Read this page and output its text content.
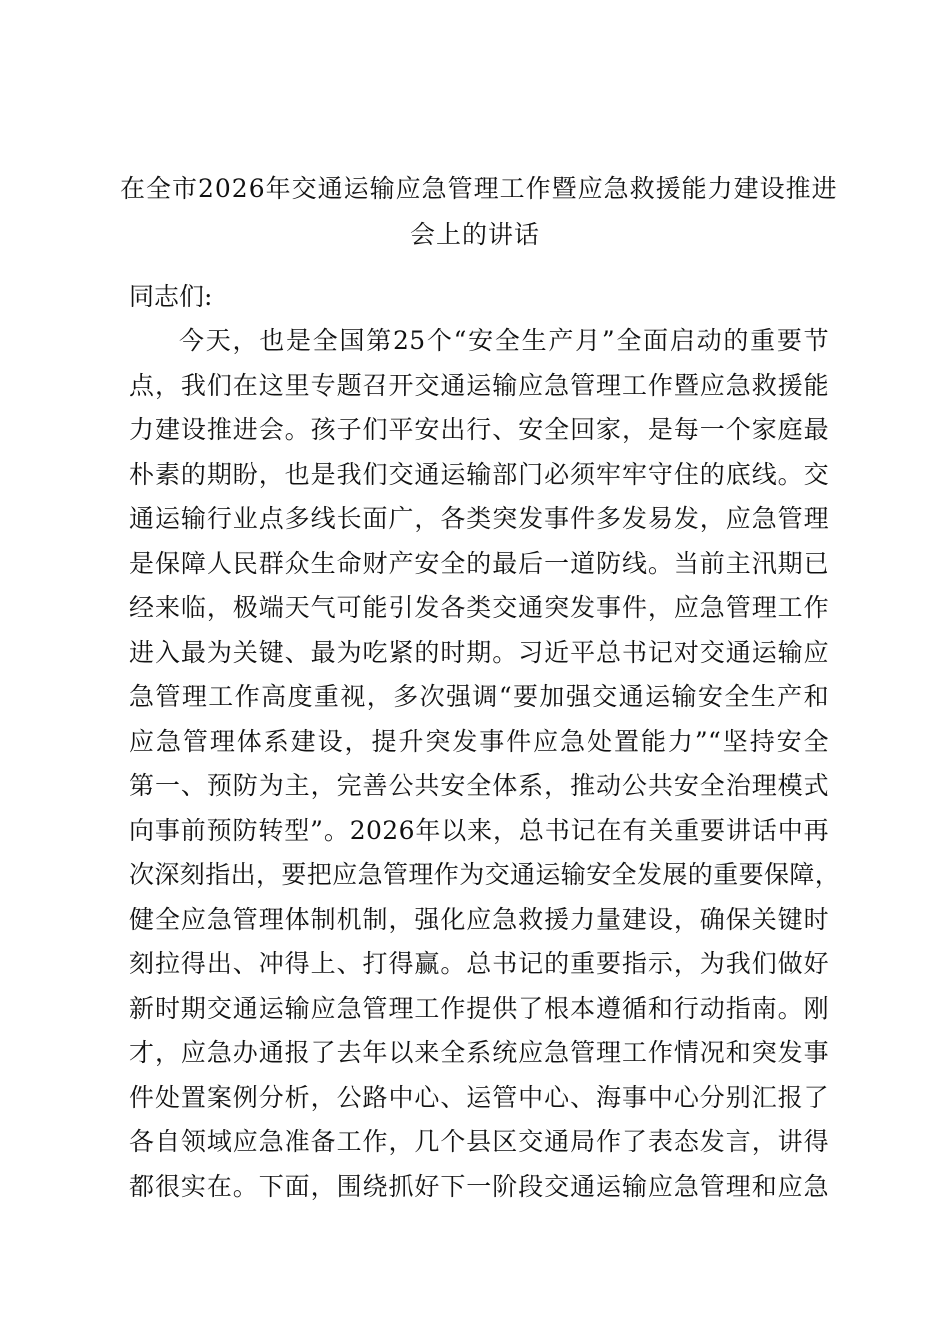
在全市2026年交通运输应急管理工作暨应急救援能力建设推进
会上的讲话

同志们:

今天，也是全国第25个“安全生产月”全面启动的重要节
点，我们在这里专题召开交通运输应急管理工作暨应急救援能
力建设推进会。孩子们平安出行、安全回家，是每一个家庭最
朴素的期盼，也是我们交通运输部门必须牢牢守住的底线。交
通运输行业点多线长面广，各类突发事件多发易发，应急管理
是保障人民群众生命财产安全的最后一道防线。当前主汛期已
经来临，极端天气可能引发各类交通突发事件，应急管理工作
进入最为关键、最为吃紧的时期。习近平总书记对交通运输应
急管理工作高度重视，多次强调“要加强交通运输安全生产和
应急管理体系建设，提升突发事件应急处置能力”“坚持安全
第一、预防为主，完善公共安全体系，推动公共安全治理模式
向事前预防转型”。2026年以来，总书记在有关重要讲话中再
次深刻指出，要把应急管理作为交通运输安全发展的重要保障，
健全应急管理体制机制，强化应急救援力量建设，确保关键时
刻拉得出、冲得上、打得赢。总书记的重要指示，为我们做好
新时期交通运输应急管理工作提供了根本遵循和行动指南。刚
才，应急办通报了去年以来全系统应急管理工作情况和突发事
件处置案例分析，公路中心、运管中心、海事中心分别汇报了
各自领域应急准备工作，几个县区交通局作了表态发言，讲得
都很实在。下面，围绕抓好下一阶段交通运输应急管理和应急
